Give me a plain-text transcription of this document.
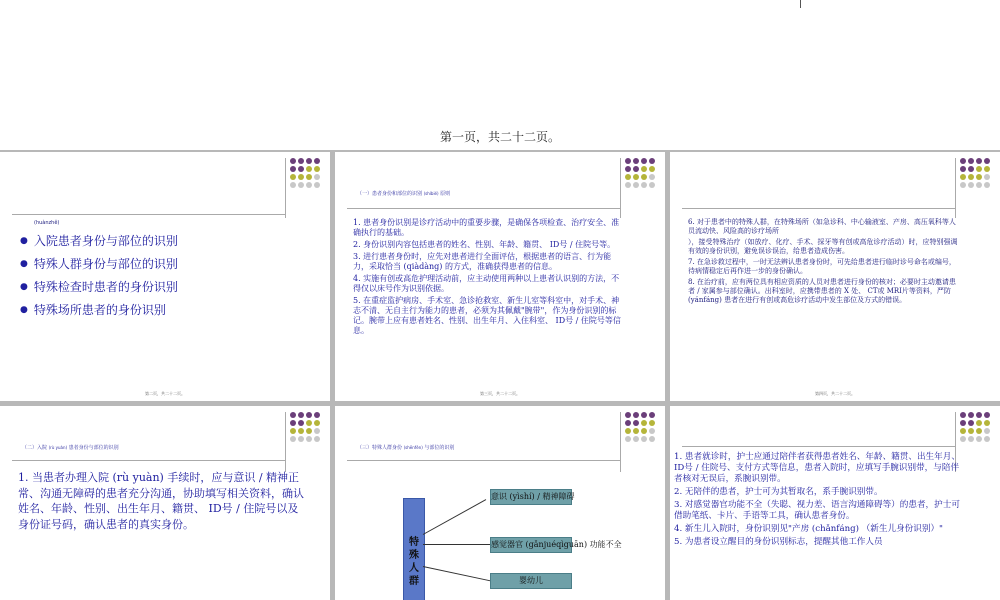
第一页，共二十二页。
(huànzhě)
● 入院患者身份与部位的识别
● 特殊人群身份与部位的识别
● 特殊检查时患者的身份识别
● 特殊场所患者的身份识别
第二页，共二十二页。
（一）患者身份和部位的识别 (shíbié) 原则
1. 患者身份识别是诊疗活动中的重要步骤，是确保各项检查、治疗安全、准确执行的基础。
2. 身份识别内容包括患者的姓名、性别、年龄、籍贯、 ID号 / 住院号等。
3. 进行患者身份时，应先对患者进行全面评估，根据患者的语言、行为能力，采取恰当 (qiàdàng) 的方式，准确获得患者的信息。
4. 实施有创或高危护理活动前，应主动使用两种以上患者认识别的方法，不得仅以床号作为识别依据。
5. 在重症监护病房、手术室、急诊抢救室、新生儿室等科室中，对手术、神志不清、无自主行为能力的患者，必须为其佩戴"腕带"，作为身份识别的标记。腕带上应有患者姓名、性别、出生年月、入住科室、 ID号 / 住院号等信息。
第三页，共二十二页。
6. 对于患者中的特殊人群，在特殊场所（如急诊科、中心输液室、产房、高压氧科等人员流动快、风险高的诊疗场所
），接受特殊治疗（如放疗、化疗、手术、採牙等有创或高危诊疗活动）时，应特别强调有效的身份识别，避免误诊误治，给患者造成伤害。
7. 在急诊救过程中，一时无法辨认患者身份时，可先给患者进行临时诊号命名或编号，待病情稳定后再作进一步的身份确认。
8. 在治疗前，应有两位具有相应资质的人员对患者进行身份的核对；必要时主动邀请患者 / 家属参与部位确认。出科室时，应携带患者的 X 处、 CT或 MRI片等资料，严防 (yánfáng) 患者在进行有创或高危诊疗活动中发生部位及方式的错误。
第四页，共二十二页。
（二）入院 (rù yuàn) 患者身份与部位的识别
1. 当患者办理入院 (rù yuàn) 手续时，应与意识 / 精神正常、沟通无障碍的患者充分沟通，协助填写相关资料，确认姓名、年龄、性别、出生年月、籍贯、 ID号 / 住院号以及身份证号码，确认患者的真实身份。
（三）特殊人群身份 (shēnfèn) 与部位的识别
特殊人群
意识 (yìshí) / 精神障碍
感觉器官 (gǎnjuéqìguān) 功能不全
婴幼儿
1. 患者就诊时，护士应通过陪伴者获得患者姓名、年龄、籍贯、出生年月、 ID号 / 住院号、支付方式等信息，患者入院时，应填写手腕识别带，与陪伴者核对无误后，系腕识别带。
2. 无陪伴的患者，护士可为其暂取名，系手腕识别带。
3. 对感觉器官功能不全（失聪、视力差、语言沟通障碍等）的患者，护士可借助笔纸、卡片、手语等工具，确认患者身份。
4. 新生儿入院时，身份识别见"产房 (chǎnfáng) （新生儿身份识别）"
5. 为患者设立醒目的身份识别标志，提醒其他工作人员
